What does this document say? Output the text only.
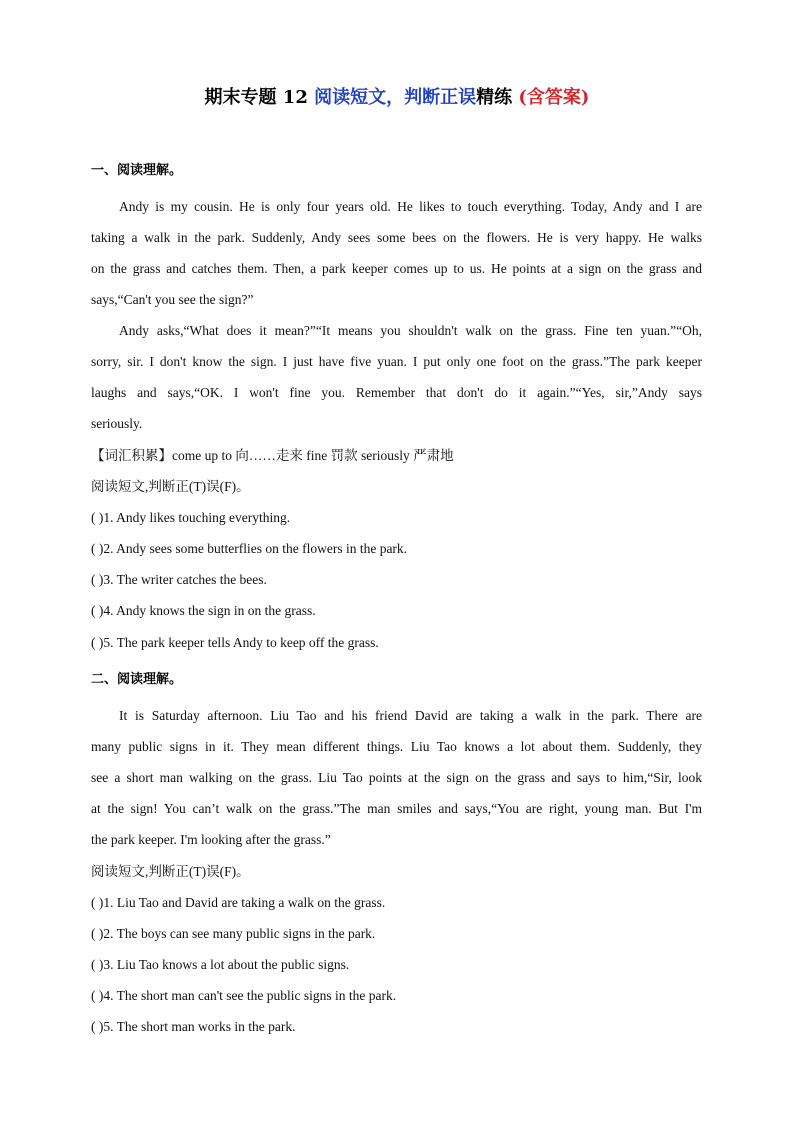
期末专题 12 阅读短文，判断正误精练 (含答案)
一、阅读理解。
Andy is my cousin. He is only four years old. He likes to touch everything. Today, Andy and I are
taking a walk in the park. Suddenly, Andy sees some bees on the flowers. He is very happy. He walks
on the grass and catches them. Then, a park keeper comes up to us. He points at a sign on the grass and
says,“Can't you see the sign?”
Andy asks,“What does it mean?”“It means you shouldn't walk on the grass. Fine ten yuan.”“Oh,
sorry, sir. I don't know the sign. I just have five yuan. I put only one foot on the grass.”The park keeper
laughs and says,“OK. I won't fine you. Remember that don't do it again.”“Yes, sir,”Andy says
seriously.
【词汇积累】come up to 向……走来 fine 罚款 seriously 严肃地
阅读短文,判断正(T)误(F)。
( )1. Andy likes touching everything.
( )2. Andy sees some butterflies on the flowers in the park.
( )3. The writer catches the bees.
( )4. Andy knows the sign in on the grass.
( )5. The park keeper tells Andy to keep off the grass.
二、阅读理解。
It is Saturday afternoon. Liu Tao and his friend David are taking a walk in the park. There are
many public signs in it. They mean different things. Liu Tao knows a lot about them. Suddenly, they
see a short man walking on the grass. Liu Tao points at the sign on the grass and says to him,“Sir, look
at the sign! You can’t walk on the grass.”The man smiles and says,“You are right, young man. But I'm
the park keeper. I'm looking after the grass.”
阅读短文,判断正(T)误(F)。
( )1. Liu Tao and David are taking a walk on the grass.
( )2. The boys can see many public signs in the park.
( )3. Liu Tao knows a lot about the public signs.
( )4. The short man can't see the public signs in the park.
( )5. The short man works in the park.
